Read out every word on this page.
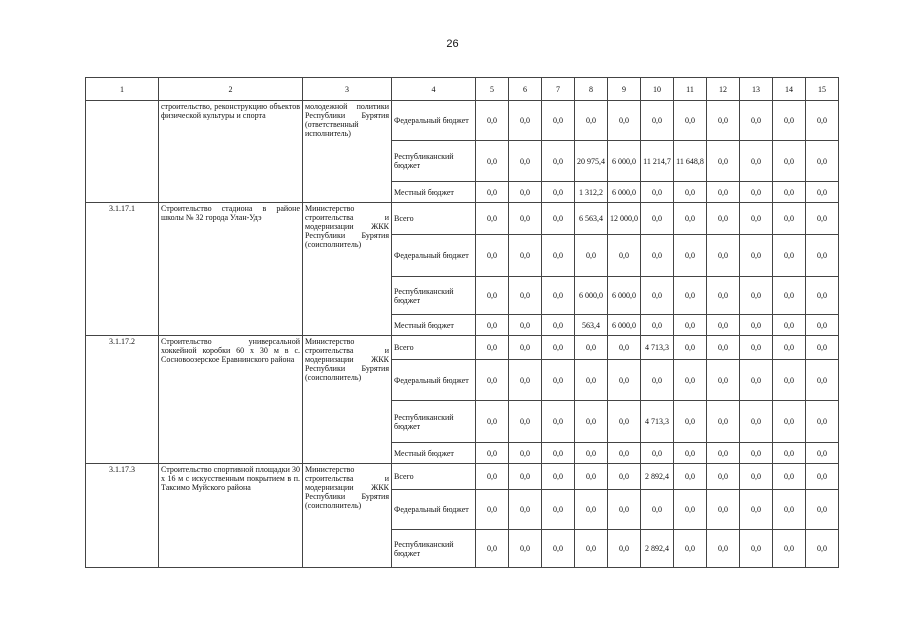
26
1	2	3	4	5	6	7	8	9	10	11	12	13	14	15
	строительство, реконструкцию объектов физической культуры и спорта	молодежной политики Республики Бурятия (ответственный исполнитель)	Федеральный бюджет	0,0	0,0	0,0	0,0	0,0	0,0	0,0	0,0	0,0	0,0	0,0
			Республиканский бюджет	0,0	0,0	0,0	20 975,4	6 000,0	11 214,7	11 648,8	0,0	0,0	0,0	0,0
			Местный бюджет	0,0	0,0	0,0	1 312,2	6 000,0	0,0	0,0	0,0	0,0	0,0	0,0
3.1.17.1	Строительство стадиона в районе школы № 32 города Улан-Удэ	Министерство строительства и модернизации ЖКК Республики Бурятия (соисполнитель)	Всего	0,0	0,0	0,0	6 563,4	12 000,0	0,0	0,0	0,0	0,0	0,0	0,0
			Федеральный бюджет	0,0	0,0	0,0	0,0	0,0	0,0	0,0	0,0	0,0	0,0	0,0
			Республиканский бюджет	0,0	0,0	0,0	6 000,0	6 000,0	0,0	0,0	0,0	0,0	0,0	0,0
			Местный бюджет	0,0	0,0	0,0	563,4	6 000,0	0,0	0,0	0,0	0,0	0,0	0,0
3.1.17.2	Строительство универсальной хоккейной коробки 60 х 30 м в с. Сосновоозерское Еравнинского района	Министерство строительства и модернизации ЖКК Республики Бурятия (соисполнитель)	Всего	0,0	0,0	0,0	0,0	0,0	4 713,3	0,0	0,0	0,0	0,0	0,0
			Федеральный бюджет	0,0	0,0	0,0	0,0	0,0	0,0	0,0	0,0	0,0	0,0	0,0
			Республиканский бюджет	0,0	0,0	0,0	0,0	0,0	4 713,3	0,0	0,0	0,0	0,0	0,0
			Местный бюджет	0,0	0,0	0,0	0,0	0,0	0,0	0,0	0,0	0,0	0,0	0,0
3.1.17.3	Строительство спортивной площадки 30 х 16 м с искусственным покрытием в п. Таксимо Муйского района	Министерство строительства и модернизации ЖКК Республики Бурятия (соисполнитель)	Всего	0,0	0,0	0,0	0,0	0,0	2 892,4	0,0	0,0	0,0	0,0	0,0
			Федеральный бюджет	0,0	0,0	0,0	0,0	0,0	0,0	0,0	0,0	0,0	0,0	0,0
			Республиканский бюджет	0,0	0,0	0,0	0,0	0,0	2 892,4	0,0	0,0	0,0	0,0	0,0
